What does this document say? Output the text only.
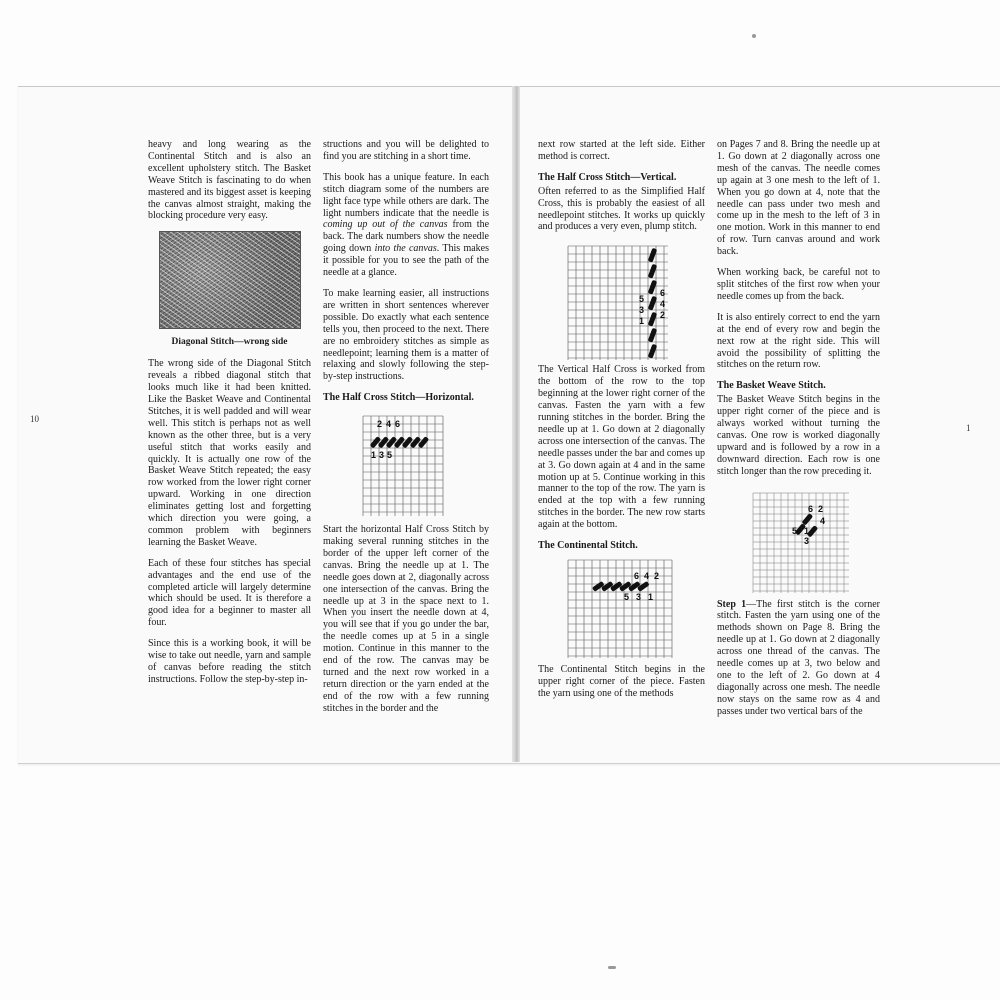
10
1

heavy and long wearing as the Continental Stitch and is also an excellent upholstery stitch. The Basket Weave Stitch is fascinating to do when mastered and its biggest asset is keeping the canvas almost straight, making the blocking procedure very easy.

Diagonal Stitch—wrong side

The wrong side of the Diagonal Stitch reveals a ribbed diagonal stitch that looks much like it had been knitted. Like the Basket Weave and Continental Stitches, it is well padded and will wear well. This stitch is perhaps not as well known as the other three, but is a very useful stitch that works easily and quickly. It is actually one row of the Basket Weave Stitch repeated; the easy row worked from the lower right corner upward. Working in one direction eliminates getting lost and forgetting which direction you were going, a common problem with beginners learning the Basket Weave.

Each of these four stitches has special advantages and the end use of the completed article will largely determine which should be used. It is therefore a good idea for a beginner to master all four.

Since this is a working book, it will be wise to take out needle, yarn and sample of canvas before reading the stitch instructions. Follow the step-by-step in-

structions and you will be delighted to find you are stitching in a short time.

This book has a unique feature. In each stitch diagram some of the numbers are light face type while others are dark. The light numbers indicate that the needle is coming up out of the canvas from the back. The dark numbers show the needle going down into the canvas. This makes it possible for you to see the path of the needle at a glance.

To make learning easier, all instructions are written in short sentences wherever possible. Do exactly what each sentence tells you, then proceed to the next. There are no embroidery stitches as simple as needlepoint; learning them is a matter of relaxing and slowly following the step-by-step instructions.

The Half Cross Stitch—Horizontal.
2 4 6
1 3 5

Start the horizontal Half Cross Stitch by making several running stitches in the border of the upper left corner of the canvas. Bring the needle up at 1. The needle goes down at 2, diagonally across one intersection of the canvas. Bring the needle up at 3 in the space next to 1. When you insert the needle down at 4, you will see that if you go under the bar, the needle comes up at 5 in a single motion. Continue in this manner to the end of the row. The canvas may be turned and the next row worked in a return direction or the yarn ended at the end of the row with a few running stitches in the border and the

next row started at the left side. Either method is correct.

The Half Cross Stitch—Vertical.

Often referred to as the Simplified Half Cross, this is probably the easiest of all needlepoint stitches. It works up quickly and produces a very even, plump stitch.

6
5 4
3 2
1

The Vertical Half Cross is worked from the bottom of the row to the top beginning at the lower right corner of the canvas. Fasten the yarn with a few running stitches in the border. Bring the needle up at 1. Go down at 2 diagonally across one intersection of the canvas. The needle passes under the bar and comes up at 3. Go down again at 4 and in the same motion up at 5. Continue working in this manner to the top of the row. The yarn is ended at the top with a few running stitches in the border. The new row starts again at the bottom.

The Continental Stitch.
6 4 2
5 3 1

The Continental Stitch begins in the upper right corner of the piece. Fasten the yarn using one of the methods

on Pages 7 and 8. Bring the needle up at 1. Go down at 2 diagonally across one mesh of the canvas. The needle comes up again at 3 one mesh to the left of 1. When you go down at 4, note that the needle can pass under two mesh and come up in the mesh to the left of 3 in one motion. Work in this manner to end of row. Turn canvas around and work back.

When working back, be careful not to split stitches of the first row when your needle comes up from the back.

It is also entirely correct to end the yarn at the end of every row and begin the next row at the right side. This will avoid the possibility of splitting the stitches on the return row.

The Basket Weave Stitch.

The Basket Weave Stitch begins in the upper right corner of the piece and is always worked without turning the canvas. One row is worked diagonally upward and is followed by a row in a downward direction. Each row is one stitch longer than the row preceding it.

6 2
4
5 1
3

Step 1—The first stitch is the corner stitch. Fasten the yarn using one of the methods shown on Page 8. Bring the needle up at 1. Go down at 2 diagonally across one thread of the canvas. The needle comes up at 3, two below and one to the left of 2. Go down at 4 diagonally across one mesh. The needle now stays on the same row as 4 and passes under two vertical bars of the
